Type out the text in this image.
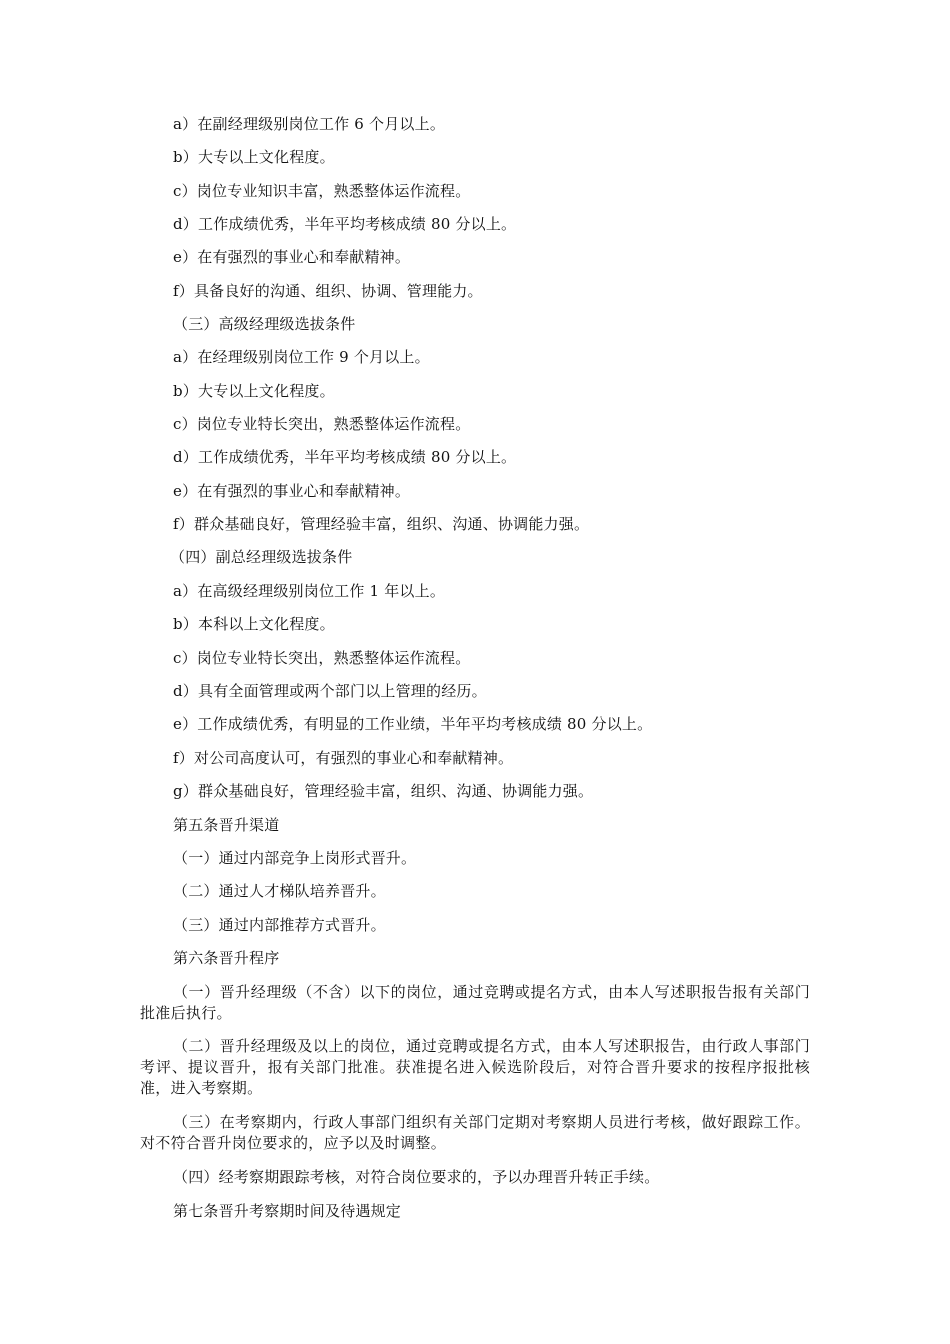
a）在副经理级别岗位工作 6 个月以上。
b）大专以上文化程度。
c）岗位专业知识丰富，熟悉整体运作流程。
d）工作成绩优秀，半年平均考核成绩 80 分以上。
e）在有强烈的事业心和奉献精神。
f）具备良好的沟通、组织、协调、管理能力。
（三）高级经理级选拔条件
a）在经理级别岗位工作 9 个月以上。
b）大专以上文化程度。
c）岗位专业特长突出，熟悉整体运作流程。
d）工作成绩优秀，半年平均考核成绩 80 分以上。
e）在有强烈的事业心和奉献精神。
f）群众基础良好，管理经验丰富，组织、沟通、协调能力强。
（四）副总经理级选拔条件
a）在高级经理级别岗位工作 1 年以上。
b）本科以上文化程度。
c）岗位专业特长突出，熟悉整体运作流程。
d）具有全面管理或两个部门以上管理的经历。
e）工作成绩优秀，有明显的工作业绩，半年平均考核成绩 80 分以上。
f）对公司高度认可，有强烈的事业心和奉献精神。
g）群众基础良好，管理经验丰富，组织、沟通、协调能力强。
第五条晋升渠道
（一）通过内部竞争上岗形式晋升。
（二）通过人才梯队培养晋升。
（三）通过内部推荐方式晋升。
第六条晋升程序
（一）晋升经理级（不含）以下的岗位，通过竞聘或提名方式，由本人写述职报告报有关部门批准后执行。
（二）晋升经理级及以上的岗位，通过竞聘或提名方式，由本人写述职报告，由行政人事部门考评、提议晋升，报有关部门批准。获准提名进入候选阶段后，对符合晋升要求的按程序报批核准，进入考察期。
（三）在考察期内，行政人事部门组织有关部门定期对考察期人员进行考核，做好跟踪工作。对不符合晋升岗位要求的，应予以及时调整。
（四）经考察期跟踪考核，对符合岗位要求的，予以办理晋升转正手续。
第七条晋升考察期时间及待遇规定
